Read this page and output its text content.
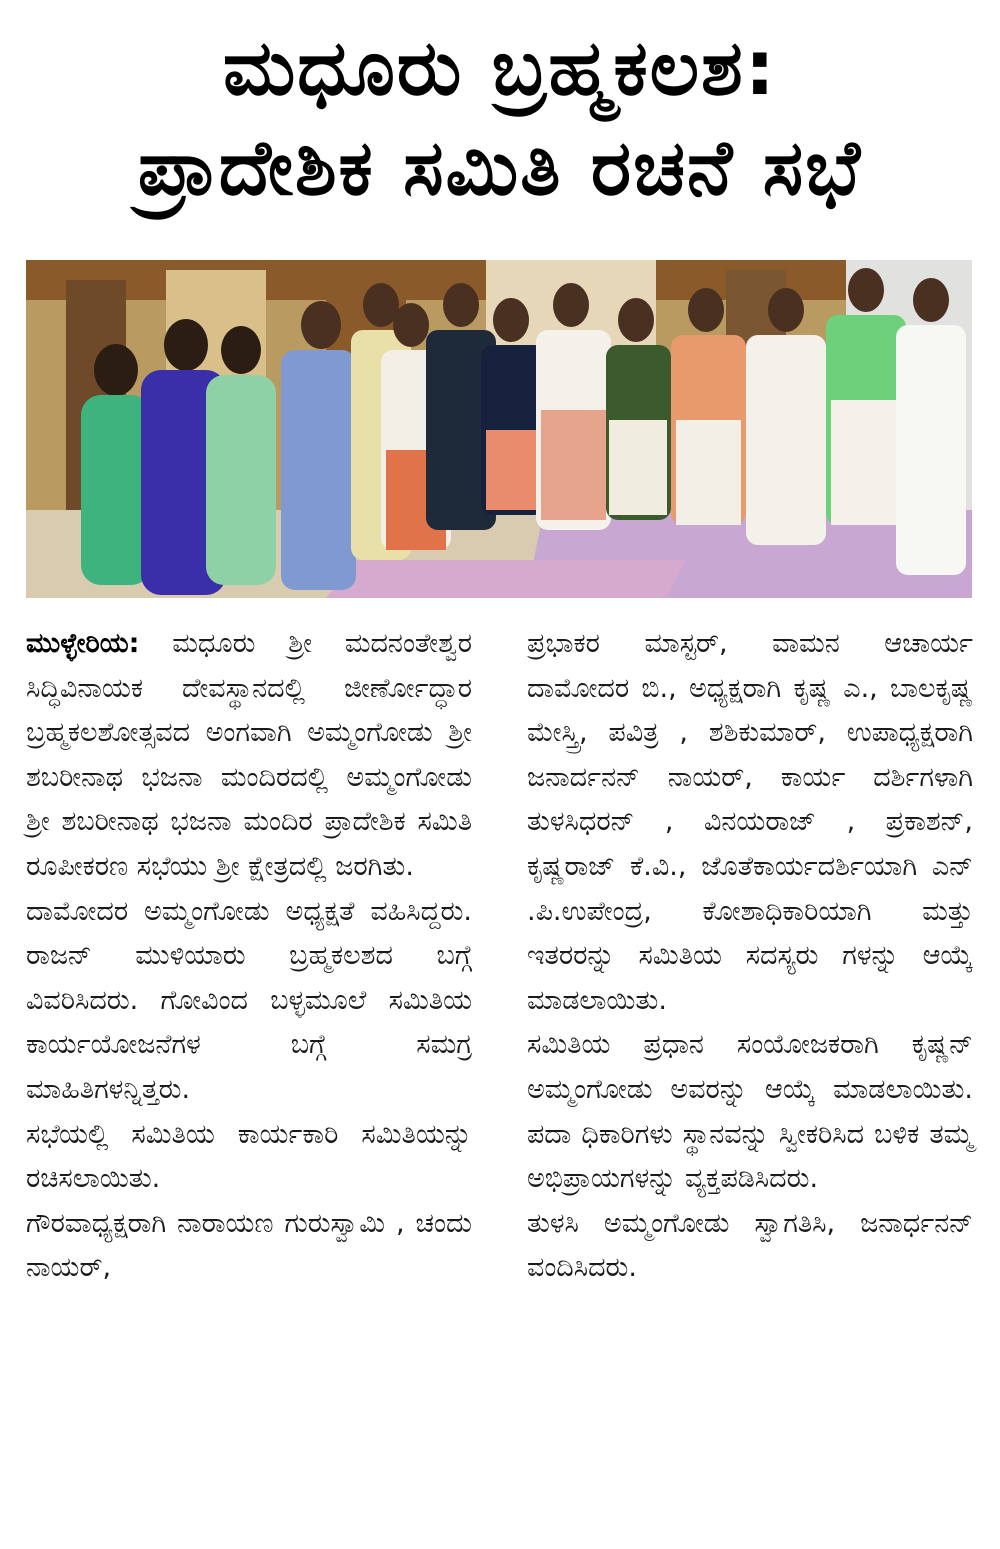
ಮಧೂರು ಬ್ರಹ್ಮಕಲಶ:
ಪ್ರಾದೇಶಿಕ ಸಮಿತಿ ರಚನೆ ಸಭೆ

ಮುಳ್ಳೇರಿಯ: ಮಧೂರು ಶ್ರೀ ಮದನಂತೇಶ್ವರ ಸಿದ್ಧಿವಿನಾಯಕ ದೇವಸ್ಥಾನದಲ್ಲಿ ಜೀರ್ಣೋದ್ಧಾರ ಬ್ರಹ್ಮಕಲಶೋತ್ಸವದ ಅಂಗವಾಗಿ ಅಮ್ಮಂಗೋಡು ಶ್ರೀ ಶಬರೀನಾಥ ಭಜನಾ ಮಂದಿರದಲ್ಲಿ ಅಮ್ಮಂಗೋಡು ಶ್ರೀ ಶಬರೀನಾಥ ಭಜನಾ ಮಂದಿರ ಪ್ರಾದೇಶಿಕ ಸಮಿತಿ ರೂಪೀಕರಣ ಸಭೆಯು ಶ್ರೀ ಕ್ಷೇತ್ರದಲ್ಲಿ ಜರಗಿತು.

ದಾಮೋದರ ಅಮ್ಮಂಗೋಡು ಅಧ್ಯಕ್ಷತೆ ವಹಿಸಿದ್ದರು. ರಾಜನ್ ಮುಳಿಯಾರು ಬ್ರಹ್ಮಕಲಶದ ಬಗ್ಗೆ ವಿವರಿಸಿದರು. ಗೋವಿಂದ ಬಳ್ಳಮೂಲೆ ಸಮಿತಿಯ ಕಾರ್ಯಯೋಜನೆಗಳ ಬಗ್ಗೆ ಸಮಗ್ರ ಮಾಹಿತಿಗಳನ್ನಿತ್ತರು.

ಸಭೆಯಲ್ಲಿ ಸಮಿತಿಯ ಕಾರ್ಯಕಾರಿ ಸಮಿತಿಯನ್ನು ರಚಿಸಲಾಯಿತು.

ಗೌರವಾಧ್ಯಕ್ಷರಾಗಿ ನಾರಾಯಣ ಗುರುಸ್ವಾಮಿ , ಚಂದು ನಾಯರ್,

ಪ್ರಭಾಕರ ಮಾಸ್ಟರ್, ವಾಮನ ಆಚಾರ್ಯ ದಾಮೋದರ ಬಿ., ಅಧ್ಯಕ್ಷರಾಗಿ ಕೃಷ್ಣ ಎ., ಬಾಲಕೃಷ್ಣ ಮೇಸ್ತ್ರಿ, ಪವಿತ್ರ , ಶಶಿಕುಮಾರ್, ಉಪಾಧ್ಯಕ್ಷರಾಗಿ ಜನಾರ್ದನನ್ ನಾಯರ್, ಕಾರ್ಯ ದರ್ಶಿಗಳಾಗಿ ತುಳಸಿಧರನ್ , ವಿನಯರಾಜ್ , ಪ್ರಕಾಶನ್, ಕೃಷ್ಣರಾಜ್ ಕೆ.ವಿ., ಜೊತೆಕಾರ್ಯದರ್ಶಿಯಾಗಿ ಎನ್ .ಪಿ.ಉಪೇಂದ್ರ, ಕೋಶಾಧಿಕಾರಿಯಾಗಿ ಮತ್ತು ಇತರರನ್ನು ಸಮಿತಿಯ ಸದಸ್ಯರು ಗಳನ್ನು ಆಯ್ಕೆ ಮಾಡಲಾಯಿತು.

ಸಮಿತಿಯ ಪ್ರಧಾನ ಸಂಯೋಜಕರಾಗಿ ಕೃಷ್ಣನ್ ಅಮ್ಮಂಗೋಡು ಅವರನ್ನು ಆಯ್ಕೆ ಮಾಡಲಾಯಿತು. ಪದಾ ಧಿಕಾರಿಗಳು ಸ್ಥಾನವನ್ನು ಸ್ವೀಕರಿಸಿದ ಬಳಿಕ ತಮ್ಮ ಅಭಿಪ್ರಾಯಗಳನ್ನು ವ್ಯಕ್ತಪಡಿಸಿದರು.

ತುಳಸಿ ಅಮ್ಮಂಗೋಡು ಸ್ವಾಗತಿಸಿ, ಜನಾರ್ಧನನ್ ವಂದಿಸಿದರು.
